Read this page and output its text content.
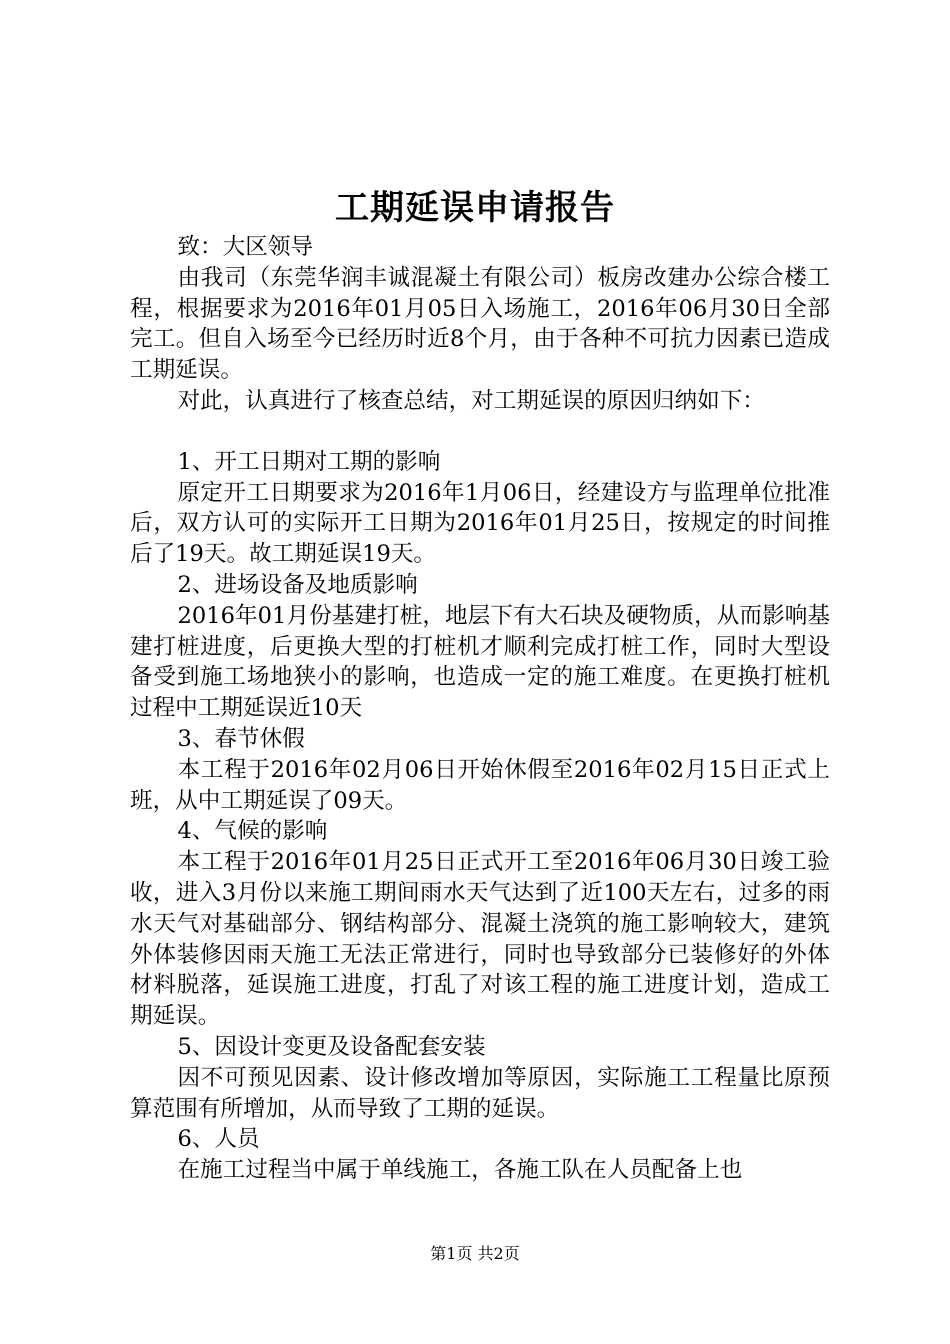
工期延误申请报告

致：大区领导

由我司（东莞华润丰诚混凝土有限公司）板房改建办公综合楼工程，根据要求为2016年01月05日入场施工，2016年06月30日全部完工。但自入场至今已经历时近8个月，由于各种不可抗力因素已造成工期延误。

对此，认真进行了核查总结，对工期延误的原因归纳如下：

1、开工日期对工期的影响

原定开工日期要求为2016年1月06日，经建设方与监理单位批准后，双方认可的实际开工日期为2016年01月25日，按规定的时间推后了19天。故工期延误19天。

2、进场设备及地质影响

2016年01月份基建打桩，地层下有大石块及硬物质，从而影响基建打桩进度，后更换大型的打桩机才顺利完成打桩工作，同时大型设备受到施工场地狭小的影响，也造成一定的施工难度。在更换打桩机过程中工期延误近10天

3、春节休假

本工程于2016年02月06日开始休假至2016年02月15日正式上班，从中工期延误了09天。

4、气候的影响

本工程于2016年01月25日正式开工至2016年06月30日竣工验收，进入3月份以来施工期间雨水天气达到了近100天左右，过多的雨水天气对基础部分、钢结构部分、混凝土浇筑的施工影响较大，建筑外体装修因雨天施工无法正常进行，同时也导致部分已装修好的外体材料脱落，延误施工进度，打乱了对该工程的施工进度计划，造成工期延误。

5、因设计变更及设备配套安装

因不可预见因素、设计修改增加等原因，实际施工工程量比原预算范围有所增加，从而导致了工期的延误。

6、人员

在施工过程当中属于单线施工，各施工队在人员配备上也

第1页 共2页
